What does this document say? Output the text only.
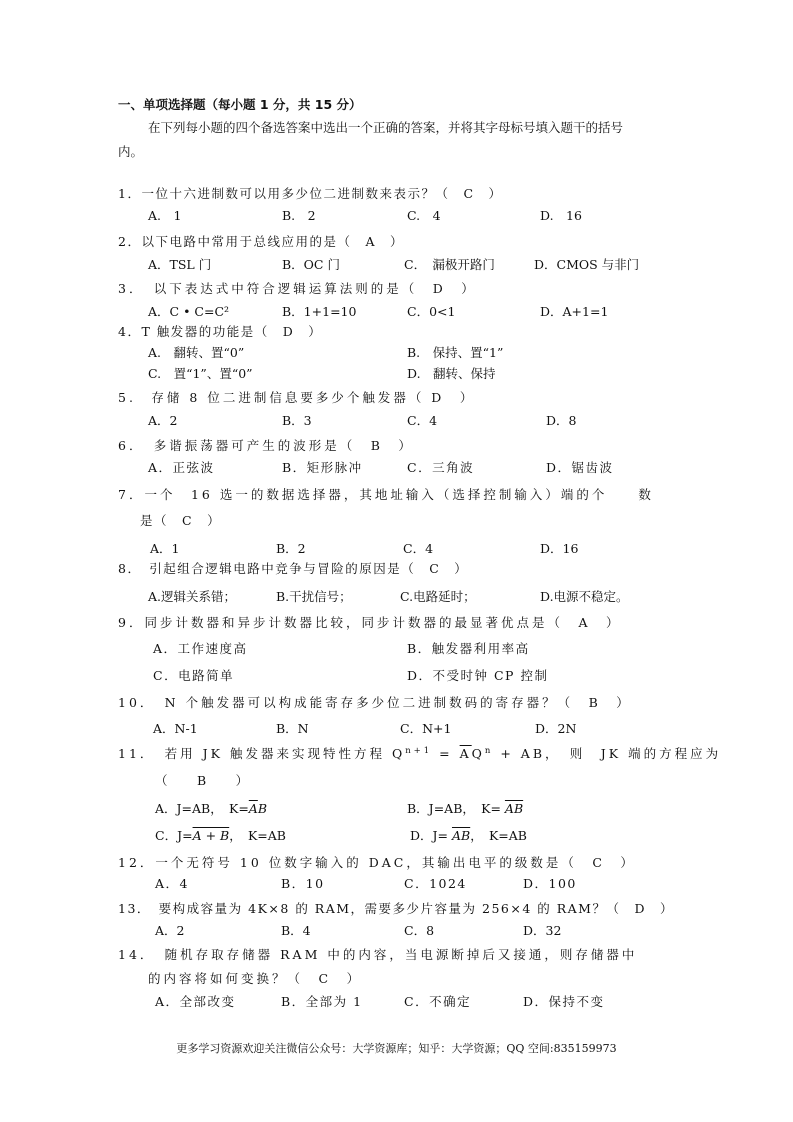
一、单项选择题（每小题 1 分，共 15 分）
在下列每小题的四个备选答案中选出一个正确的答案，并将其字母标号填入题干的括号
内。
1．一位十六进制数可以用多少位二进制数来表示？（　C　）
A.　1	B.　2	C.　4	D.　16
2．以下电路中常用于总线应用的是（　A　）
A．TSL 门	B．OC 门	C．　漏极开路门	D．CMOS 与非门
3．　以下表达式中符合逻辑运算法则的是（　D　）
A．C • C=C²	B．1+1=10	C．0<1	D．A+1=1
4．T 触发器的功能是（　D　）
A.　翻转、置“0”	B.　保持、置“1”
C.　置“1”、置“0”	D.　翻转、保持
5.　存储 8 位二进制信息要多少个触发器（ D　）
A．2	B．3	C．4	D．8
6．　多谐振荡器可产生的波形是（　B　）
A．正弦波	B．矩形脉冲	C．三角波	D．锯齿波
7．一个　16 选一的数据选择器，其地址输入（选择控制输入）端的个　　数
是（　C　）
A．1	B．2	C．4	D．16
8．　引起组合逻辑电路中竞争与冒险的原因是（　C　）
A.逻辑关系错；	B.干扰信号；	C.电路延时；	D.电源不稳定。
9．同步计数器和异步计数器比较，同步计数器的最显著优点是（　A　）
A．工作速度高	B．触发器利用率高
C．电路简单	D．不受时钟 CP 控制
10．　N 个触发器可以构成能寄存多少位二进制数码的寄存器？（　B　）
A．N-1	B．N	C．N+1	D．2N
11．　若用 JK 触发器来实现特性方程 $Q^{n+1} = \overline{A}Q^n$ + AB，　则　JK 端的方程应为
（　　B　　）
A．J=AB，　$K=\overline{A}B$	B．J=AB，　$K= \overline{AB}$
C．J=A + B，　K=AB	D．$J= \overline{AB}$，　K=AB
12．一个无符号 10 位数字输入的 DAC，其输出电平的级数是（　C　）
A．4	B．10	C．1024	D．100
13．　要构成容量为 4K×8 的 RAM，需要多少片容量为 256×4 的 RAM？（　D　）
A．2	B．4	C．8	D．32
14．　随机存取存储器 RAM 中的内容，当电源断掉后又接通，则存储器中
的内容将如何变换？（　C　）
A．全部改变	B．全部为 1	C．不确定	D．保持不变
更多学习资源欢迎关注微信公众号：大学资源库；知乎：大学资源；QQ 空间:835159973
